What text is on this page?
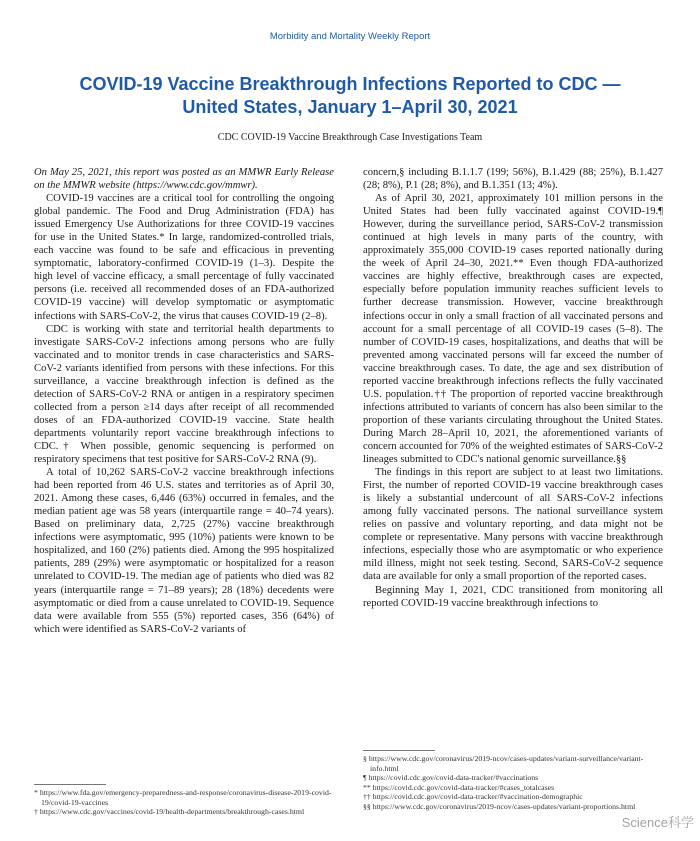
Morbidity and Mortality Weekly Report
COVID-19 Vaccine Breakthrough Infections Reported to CDC —
United States, January 1–April 30, 2021
CDC COVID-19 Vaccine Breakthrough Case Investigations Team

On May 25, 2021, this report was posted as an MMWR Early Release on the MMWR website (https://www.cdc.gov/mmwr).

COVID-19 vaccines are a critical tool for controlling the ongoing global pandemic. The Food and Drug Administration (FDA) has issued Emergency Use Authorizations for three COVID-19 vaccines for use in the United States.* In large, randomized-controlled trials, each vaccine was found to be safe and efficacious in preventing symptomatic, laboratory-confirmed COVID-19 (1–3). Despite the high level of vaccine efficacy, a small percentage of fully vaccinated persons (i.e. received all recommended doses of an FDA-authorized COVID-19 vaccine) will develop symptomatic or asymptomatic infections with SARS-CoV-2, the virus that causes COVID-19 (2–8).

CDC is working with state and territorial health departments to investigate SARS-CoV-2 infections among persons who are fully vaccinated and to monitor trends in case characteristics and SARS-CoV-2 variants identified from persons with these infections. For this surveillance, a vaccine breakthrough infection is defined as the detection of SARS-CoV-2 RNA or antigen in a respiratory specimen collected from a person ≥14 days after receipt of all recommended doses of an FDA-authorized COVID-19 vaccine. State health departments voluntarily report vaccine breakthrough infections to CDC.† When possible, genomic sequencing is performed on respiratory specimens that test positive for SARS-CoV-2 RNA (9).

A total of 10,262 SARS-CoV-2 vaccine breakthrough infections had been reported from 46 U.S. states and territories as of April 30, 2021. Among these cases, 6,446 (63%) occurred in females, and the median patient age was 58 years (interquartile range = 40–74 years). Based on preliminary data, 2,725 (27%) vaccine breakthrough infections were asymptomatic, 995 (10%) patients were known to be hospitalized, and 160 (2%) patients died. Among the 995 hospitalized patients, 289 (29%) were asymptomatic or hospitalized for a reason unrelated to COVID-19. The median age of patients who died was 82 years (interquartile range = 71–89 years); 28 (18%) decedents were asymptomatic or died from a cause unrelated to COVID-19. Sequence data were available from 555 (5%) reported cases, 356 (64%) of which were identified as SARS-CoV-2 variants of

concern,§ including B.1.1.7 (199; 56%), B.1.429 (88; 25%), B.1.427 (28; 8%), P.1 (28; 8%), and B.1.351 (13; 4%).

As of April 30, 2021, approximately 101 million persons in the United States had been fully vaccinated against COVID-19.¶ However, during the surveillance period, SARS-CoV-2 transmission continued at high levels in many parts of the country, with approximately 355,000 COVID-19 cases reported nationally during the week of April 24–30, 2021.** Even though FDA-authorized vaccines are highly effective, breakthrough cases are expected, especially before population immunity reaches sufficient levels to further decrease transmission. However, vaccine breakthrough infections occur in only a small fraction of all vaccinated persons and account for a small percentage of all COVID-19 cases (5–8). The number of COVID-19 cases, hospitalizations, and deaths that will be prevented among vaccinated persons will far exceed the number of vaccine breakthrough cases. To date, the age and sex distribution of reported vaccine breakthrough infections reflects the fully vaccinated U.S. population.†† The proportion of reported vaccine breakthrough infections attributed to variants of concern has also been similar to the proportion of these variants circulating throughout the United States. During March 28–April 10, 2021, the aforementioned variants of concern accounted for 70% of the weighted estimates of SARS-CoV-2 lineages submitted to CDC's national genomic surveillance.§§

The findings in this report are subject to at least two limitations. First, the number of reported COVID-19 vaccine breakthrough cases is likely a substantial undercount of all SARS-CoV-2 infections among fully vaccinated persons. The national surveillance system relies on passive and voluntary reporting, and data might not be complete or representative. Many persons with vaccine breakthrough infections, especially those who are asymptomatic or who experience mild illness, might not seek testing. Second, SARS-CoV-2 sequence data are available for only a small proportion of the reported cases.

Beginning May 1, 2021, CDC transitioned from monitoring all reported COVID-19 vaccine breakthrough infections to

* https://www.fda.gov/emergency-preparedness-and-response/coronavirus-disease-2019-covid-19/covid-19-vaccines
† https://www.cdc.gov/vaccines/covid-19/health-departments/breakthrough-cases.html
§ https://www.cdc.gov/coronavirus/2019-ncov/cases-updates/variant-surveillance/variant-info.html
¶ https://covid.cdc.gov/covid-data-tracker/#vaccinations
** https://covid.cdc.gov/covid-data-tracker/#cases_totalcases
†† https://covid.cdc.gov/covid-data-tracker/#vaccination-demographic
§§ https://www.cdc.gov/coronavirus/2019-ncov/cases-updates/variant-proportions.html
Science科学
